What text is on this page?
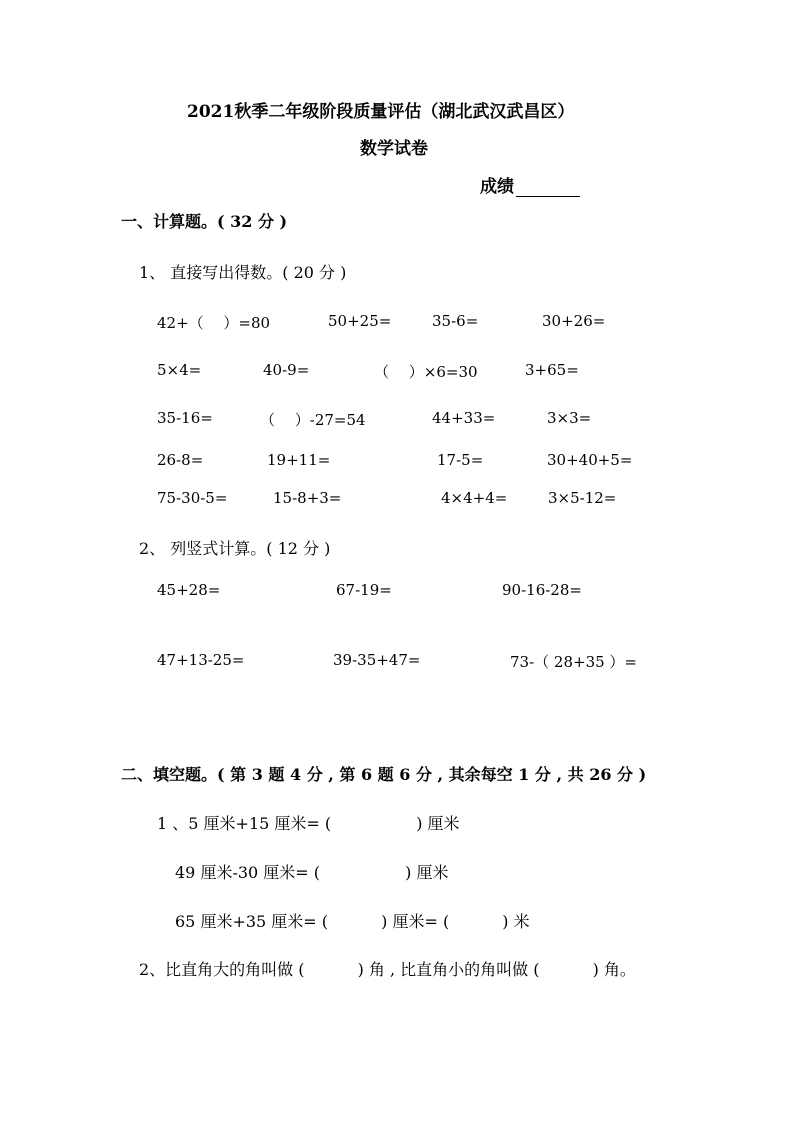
2021秋季二年级阶段质量评估（湖北武汉武昌区）
数学试卷
成绩
一、计算题。( 32 分 )
1、 直接写出得数。( 20 分 )
42+（　 ）=80	50+25=	35-6=	30+26=
5×4=	40-9=	（　 ）×6=30	3+65=
35-16=	（　 ）-27=54	44+33=	3×3=
26-8=	19+11=	17-5=	30+40+5=
75-30-5=	15-8+3=	4×4+4=	3×5-12=
2、 列竖式计算。( 12 分 )
45+28=	67-19=	90-16-28=
47+13-25=	39-35+47=	73-（ 28+35 ）=
二、填空题。( 第 3 题 4 分 , 第 6 题 6 分 , 其余每空 1 分 , 共 26 分 )
1 、5 厘米+15 厘米= (　　　　　 ) 厘米
49 厘米-30 厘米= (　　　　　 ) 厘米
65 厘米+35 厘米= (　　　 ) 厘米= (　　　 ) 米
2、比直角大的角叫做 (　　　 ) 角 , 比直角小的角叫做 (　　　 ) 角。
